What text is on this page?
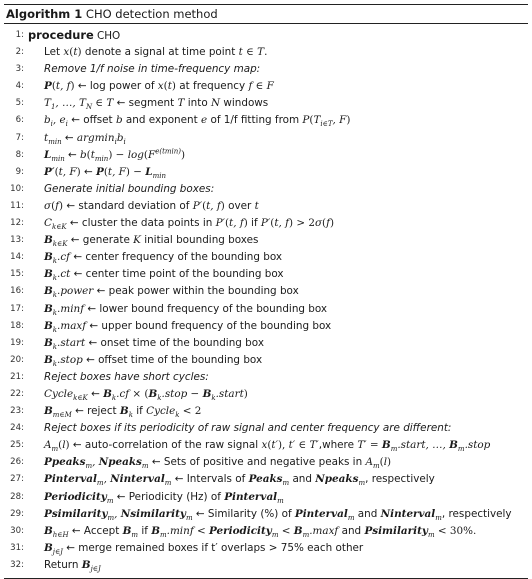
Algorithm 1 CHO detection method
1: procedure CHO
2: Let x(t) denote a signal at time point t ∈ T.
3: Remove 1/f noise in time-frequency map:
4: P(t, f) ← log power of x(t) at frequency f ∈ F
5: $T_1$, …, $T_N$ ∈ T ← segment T into N windows
6: $b_i$, $e_i$ ← offset b and exponent e of 1/f fitting from $P(T_{i\in T}$, F)
7: $t_{min}$ ← $argmin_ib_i$
8: $L_{min}$ ← $b(t_{min}) - \log(F^{e(tmin)})$
9: P′(t, F) ← P(t, $F) - L_{min}$
10: Generate initial bounding boxes:
11: σ(f) ← standard deviation of P′(t, f) over t
12: $C_{k\in K}$ ← cluster the data points in P′(t, f) if P′(t, f) > 2σ(f)
13: $B_{k\in K}$ ← generate K initial bounding boxes
14: $B_k.cf$ ← center frequency of the bounding box
15: $B_k.ct$ ← center time point of the bounding box
16: $B_k.power$ ← peak power within the bounding box
17: $B_k.\min f$ ← lower bound frequency of the bounding box
18: $B_k.\max f$ ← upper bound frequency of the bounding box
19: $B_k.start$ ← onset time of the bounding box
20: $B_k.stop$ ← offset time of the bounding box
21: Reject boxes have short cycles:
22: Cycle$_{k\in K}$ ← $B_k.cf$ × ($B_k.stop$ − $B_k.start$)
23: $B_{m\in M}$ ← reject $B_k$ if Cycle$_k$ < 2
24: Reject boxes if its periodicity of raw signal and center frequency are different:
25: $A_m(l)$ ← auto-correlation of the raw signal x(t′), t′ ∈ T′,where $T' = B_m.start$, …, $B_m.stop$
26: Ppeaks$_m$, Npeaks$_m$ ← Sets of positive and negative peaks in $A_m(l)$
27: Pinterval$_m$, Ninterval$_m$ ← Intervals of Peaks$_m$ and Npeaks$_m$, respectively
28: Periodicity$_m$ ← Periodicity (Hz) of Pinterval$_m$
29: Psimilarity$_m$, Nsimilarity$_m$ ← Similarity (%) of Pinterval$_m$ and Ninterval$_m$, respectively
30: $B_{h\in H}$ ← Accept $B_m$ if $B_m.\min f$ < Periodicity$_m$ < $B_m.\max f$ and Psimilarity$_m$ < 30%.
31: $B_{j\in J}$ ← merge remained boxes if t′ overlaps > 75% each other
32: Return $B_{j\in J}$
